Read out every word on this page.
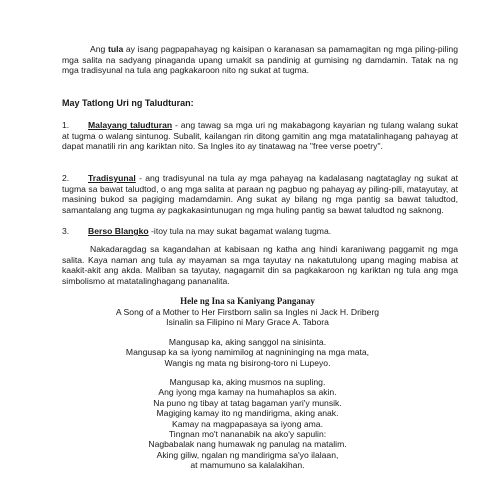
Ang tula ay isang pagpapahayag ng kaisipan o karanasan sa pamamagitan ng mga piling-piling mga salita na sadyang pinaganda upang umakit sa pandinig at gumising ng damdamin. Tatak na ng mga tradisyunal na tula ang pagkakaroon nito ng sukat at tugma.
May Tatlong Uri ng Taludturan:
1. Malayang taludturan - ang tawag sa mga uri ng makabagong kayarian ng tulang walang sukat at tugma o walang sintunog. Subalit, kailangan rin ditong gamitin ang mga matatalinhagang pahayag at dapat manatili rin ang kariktan nito. Sa Ingles ito ay tinatawag na "free verse poetry".
2. Tradisyunal - ang tradisyunal na tula ay mga pahayag na kadalasang nagtataglay ng sukat at tugma sa bawat taludtod, o ang mga salita at paraan ng pagbuo ng pahayag ay piling-pili, matayutay, at masining bukod sa pagiging madamdamin. Ang sukat ay bilang ng mga pantig sa bawat taludtod, samantalang ang tugma ay pagkakasintunugan ng mga huling pantig sa bawat taludtod ng saknong.
3. Berso Blangko -itoy tula na may sukat bagamat walang tugma.
Nakadaragdag sa kagandahan at kabisaan ng katha ang hindi karaniwang paggamit ng mga salita. Kaya naman ang tula ay mayaman sa mga tayutay na nakatutulong upang maging mabisa at kaakit-akit ang akda. Maliban sa tayutay, nagagamit din sa pagkakaroon ng kariktan ng tula ang mga simbolismo at matatalinghagang pananalita.
Hele ng Ina sa Kaniyang Panganay
A Song of a Mother to Her Firstborn salin sa Ingles ni Jack H. Driberg
Isinalin sa Filipino ni Mary Grace A. Tabora
Mangusap ka, aking sanggol na sinisinta.
Mangusap ka sa iyong namimilog at nagnininging na mga mata,
Wangis ng mata ng bisirong-toro ni Lupeyo.
Mangusap ka, aking musmos na supling.
Ang iyong mga kamay na humahaplos sa akin.
Na puno ng tibay at tatag bagaman yari'y munsik.
Magiging kamay ito ng mandirigma, aking anak.
Kamay na magpapasaya sa iyong ama.
Tingnan mo't nananabik na ako'y sapulin:
Nagbabalak nang humawak ng panulag na matalim.
Aking giliw, ngalan ng mandirigma sa'yo ilalaan,
at mamumuno sa kalalakihan.
